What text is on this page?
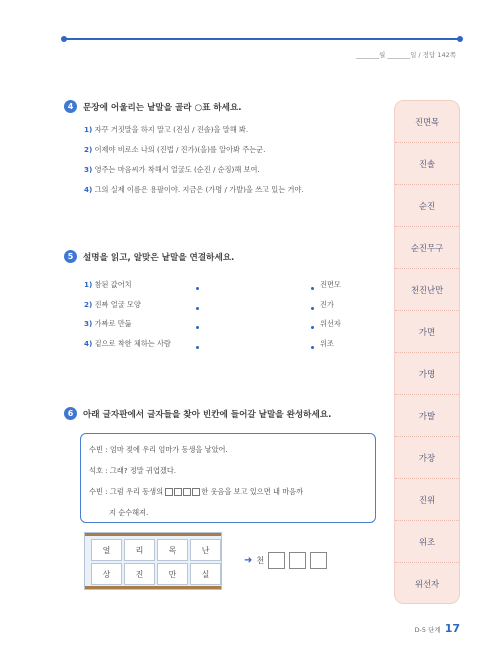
_______월 _______일 / 정답 142쪽
4	문장에 어울리는 낱말을 골라 ○표 하세요.
1) 자꾸 거짓말을 하지 말고 (진심 / 진솔)을 말해 봐.
2) 이제야 비로소 나의 (진법 / 진가)(을)를 알아봐 주는군.
3) 영주는 마음씨가 착해서 얼굴도 (순진 / 순징)해 보여.
4) 그의 실제 이름은 용팔이야. 지금은 (가명 / 가발)을 쓰고 있는 거야.
5	설명을 읽고, 알맞은 낱말을 연결하세요.
1) 참된 값어치
2) 진짜 얼굴 모양
3) 가짜로 만듦
4) 겉으로 착한 체하는 사람
진면모
진가
위선자
위조
6	아래 글자판에서 글자들을 찾아 빈칸에 들어갈 낱말을 완성하세요.
수빈 : 엄마 젖에 우리 엄마가 동생을 낳았어.
석호 : 그래? 정말 귀엽겠다.
수빈 : 그럼 우리 동생의	한 웃음을 보고 있으면 내 마음까
지 순수해져.
얼	리	목	난
상	진	만	실
➜ 천
진면목
진솔
순진
순진무구
천진난만
가면
가명
가발
가장
진위
위조
위선자
D-5 단계 17
